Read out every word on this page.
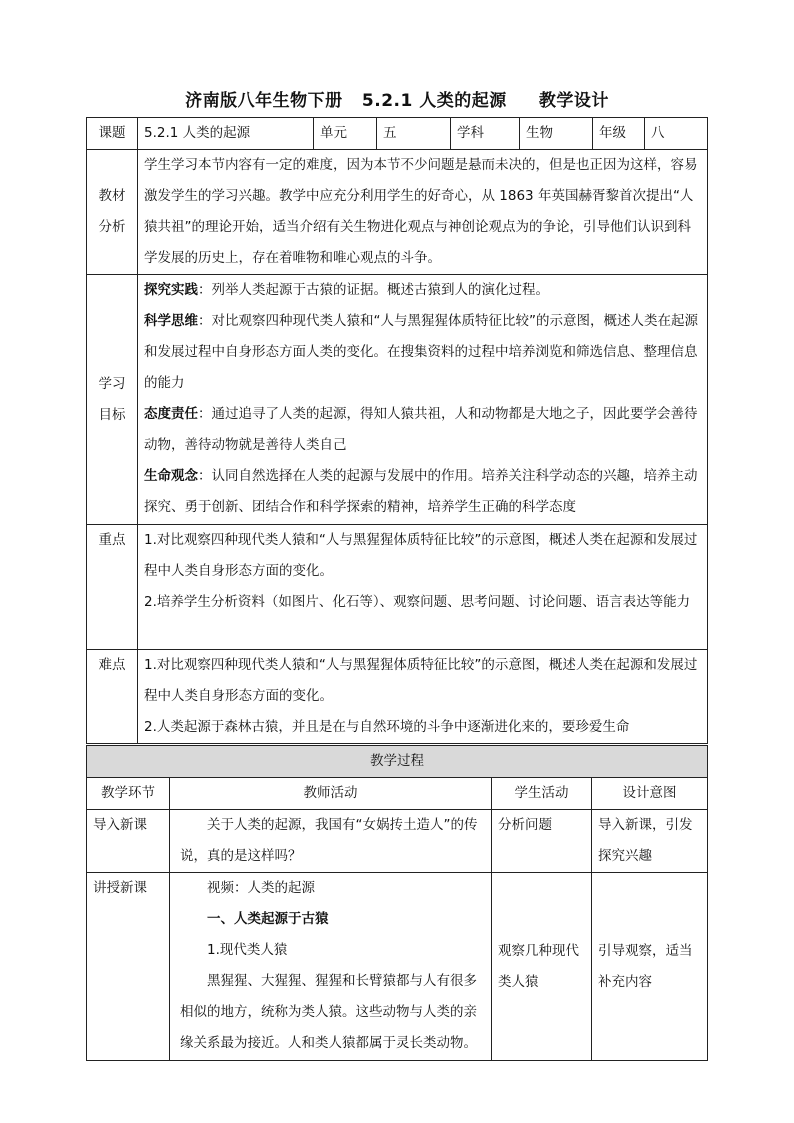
济南版八年生物下册   5.2.1 人类的起源     教学设计
课题	5.2.1 人类的起源	单元	五	学科	生物	年级	八

教材
分析	学生学习本节内容有一定的难度，因为本节不少问题是悬而未决的，但是也正因为这样，容易激发学生的学习兴趣。教学中应充分利用学生的好奇心，从 1863 年英国赫胥黎首次提出“人猿共祖”的理论开始，适当介绍有关生物进化观点与神创论观点为的争论，引导他们认识到科学发展的历史上，存在着唯物和唯心观点的斗争。						

学习
目标	探究实践：列举人类起源于古猿的证据。概述古猿到人的演化过程。
科学思维：对比观察四种现代类人猿和“人与黑猩猩体质特征比较”的示意图，概述人类在起源和发展过程中自身形态方面人类的变化。在搜集资料的过程中培养浏览和筛选信息、整理信息的能力
态度责任：通过追寻了人类的起源，得知人猿共祖，人和动物都是大地之子，因此要学会善待动物，善待动物就是善待人类自己
生命观念：认同自然选择在人类的起源与发展中的作用。培养关注科学动态的兴趣，培养主动探究、勇于创新、团结合作和科学探索的精神，培养学生正确的科学态度						

重点	1.对比观察四种现代类人猿和“人与黑猩猩体质特征比较”的示意图，概述人类在起源和发展过程中人类自身形态方面的变化。
2.培养学生分析资料（如图片、化石等）、观察问题、思考问题、讨论问题、语言表达等能力						

难点	1.对比观察四种现代类人猿和“人与黑猩猩体质特征比较”的示意图，概述人类在起源和发展过程中人类自身形态方面的变化。
2.人类起源于森林古猿，并且是在与自然环境的斗争中逐渐进化来的，要珍爱生命						
教学过程			
教学环节	教师活动	学生活动	设计意图
导入新课	关于人类的起源，我国有“女娲抟土造人”的传说，真的是这样吗？	分析问题	导入新课，引发探究兴趣
讲授新课	视频：人类的起源
一、人类起源于古猿
1.现代类人猿
黑猩猩、大猩猩、猩猩和长臂猿都与人有很多相似的地方，统称为类人猿。这些动物与人类的亲缘关系最为接近。人和类人猿都属于灵长类动物。	观察几种现代类人猿	引导观察，适当补充内容
